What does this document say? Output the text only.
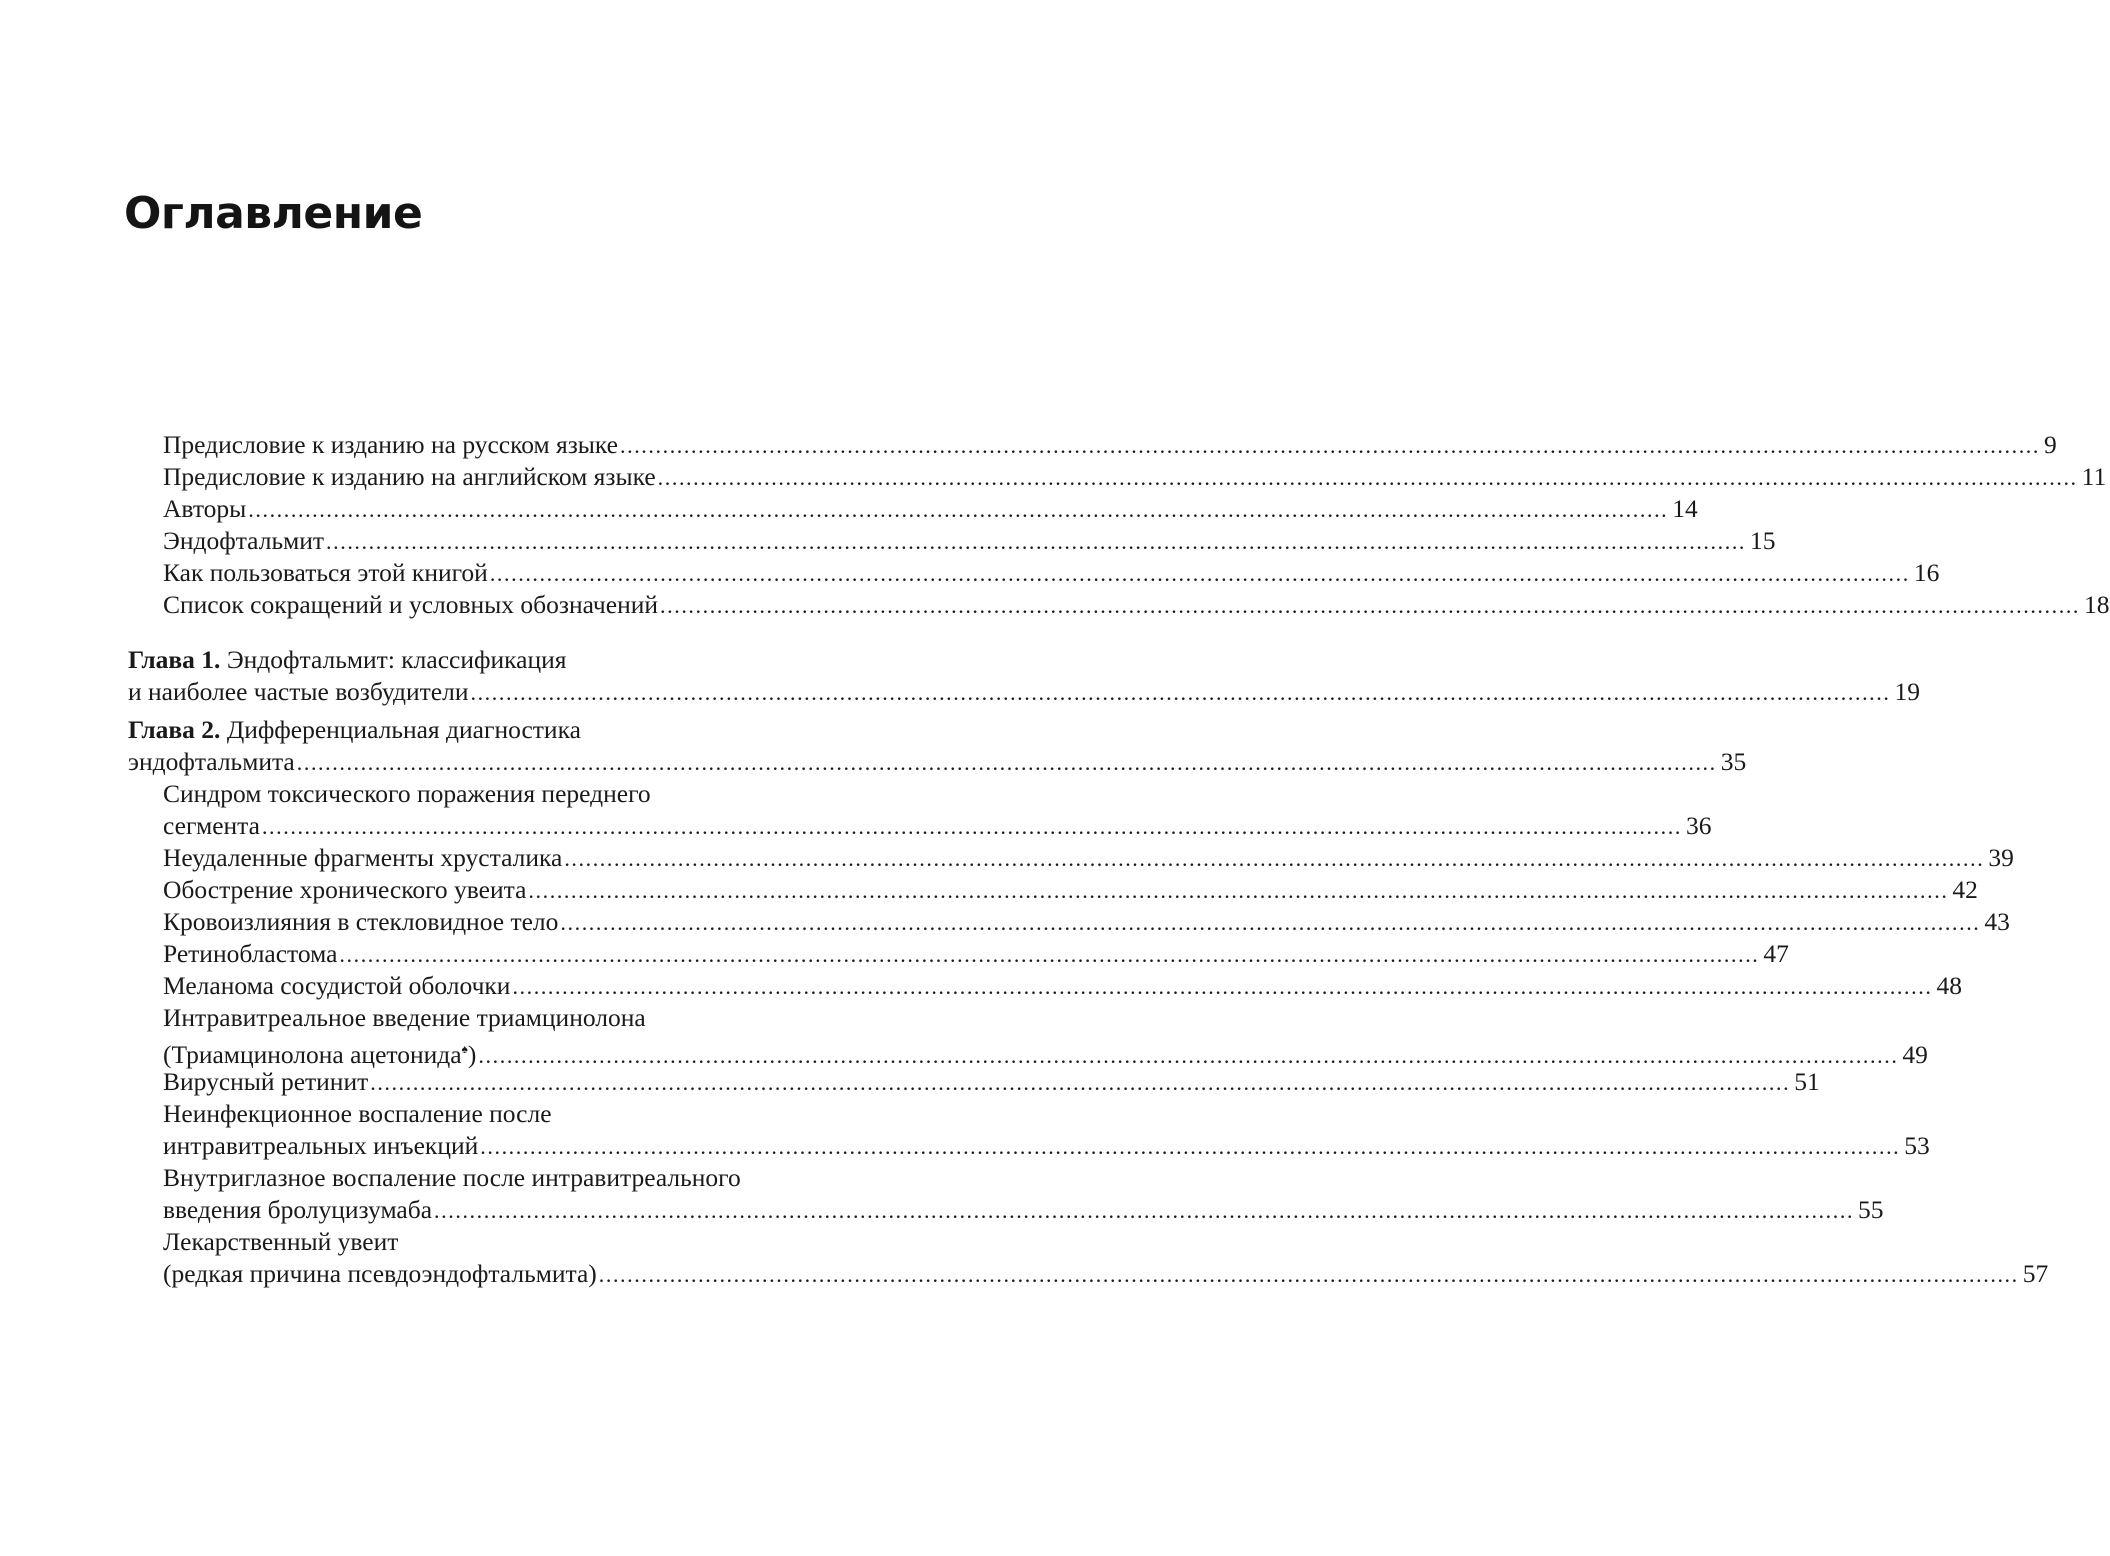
Оглавление
Предисловие к изданию на русском языке ........................................................................................................................................................................................................ 9
Предисловие к изданию на английском языке ........................................................................................................................................................................................................ 11
Авторы ........................................................................................................................................................................................................ 14
Эндофтальмит ........................................................................................................................................................................................................ 15
Как пользоваться этой книгой ........................................................................................................................................................................................................ 16
Список сокращений и условных обозначений ........................................................................................................................................................................................................ 18
Глава 1. Эндофтальмит: классификация
и наиболее частые возбудители ........................................................................................................................................................................................................ 19
Глава 2. Дифференциальная диагностика
эндофтальмита ........................................................................................................................................................................................................ 35
Синдром токсического поражения переднего
сегмента ........................................................................................................................................................................................................ 36
Неудаленные фрагменты хрусталика ........................................................................................................................................................................................................ 39
Обострение хронического увеита ........................................................................................................................................................................................................ 42
Кровоизлияния в стекловидное тело ........................................................................................................................................................................................................ 43
Ретинобластома ........................................................................................................................................................................................................ 47
Меланома сосудистой оболочки ........................................................................................................................................................................................................ 48
Интравитреальное введение триамцинолона
(Триамцинолона ацетонида♠) ........................................................................................................................................................................................................ 49
Вирусный ретинит ........................................................................................................................................................................................................ 51
Неинфекционное воспаление после
интравитреальных инъекций ........................................................................................................................................................................................................ 53
Внутриглазное воспаление после интравитреального
введения бролуцизумаба ........................................................................................................................................................................................................ 55
Лекарственный увеит
(редкая причина псевдоэндофтальмита) ........................................................................................................................................................................................................ 57
